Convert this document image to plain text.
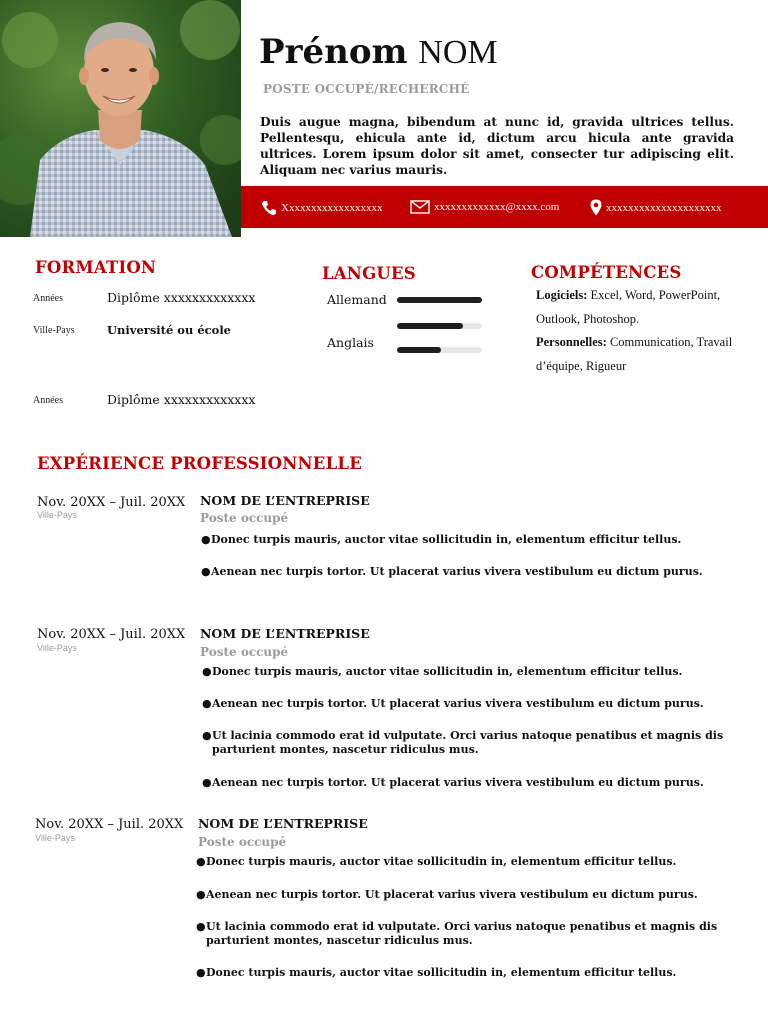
Prénom NOM
POSTE OCCUPÉ/RECHERCHÉ
Duis augue magna, bibendum at nunc id, gravida ultrices tellus. Pellentesqu, ehicula ante id, dictum arcu hicula ante gravida ultrices. Lorem ipsum dolor sit amet, consecter tur adipiscing elit. Aliquam nec varius mauris.
Xxxxxxxxxxxxxxxxxx	xxxxxxxxxxxxx@xxxx.com	xxxxxxxxxxxxxxxxxxxxx
FORMATION
Années	Diplôme xxxxxxxxxxxxx
Ville-Pays	Université ou école
Années	Diplôme xxxxxxxxxxxxx
LANGUES
Allemand
Anglais
COMPÉTENCES
Logiciels: Excel, Word, PowerPoint, Outlook, Photoshop.
Personnelles: Communication, Travail d’équipe, Rigueur
EXPÉRIENCE PROFESSIONNELLE
Nov. 20XX – Juil. 20XX
Ville-Pays
NOM DE L’ENTREPRISE
Poste occupé
● Donec turpis mauris, auctor vitae sollicitudin in, elementum efficitur tellus.
● Aenean nec turpis tortor. Ut placerat varius vivera vestibulum eu dictum purus.
Nov. 20XX – Juil. 20XX
Ville-Pays
NOM DE L’ENTREPRISE
Poste occupé
● Donec turpis mauris, auctor vitae sollicitudin in, elementum efficitur tellus.
● Aenean nec turpis tortor. Ut placerat varius vivera vestibulum eu dictum purus.
● Ut lacinia commodo erat id vulputate. Orci varius natoque penatibus et magnis dis parturient montes, nascetur ridiculus mus.
● Aenean nec turpis tortor. Ut placerat varius vivera vestibulum eu dictum purus.
Nov. 20XX – Juil. 20XX
Ville-Pays
NOM DE L’ENTREPRISE
Poste occupé
● Donec turpis mauris, auctor vitae sollicitudin in, elementum efficitur tellus.
● Aenean nec turpis tortor. Ut placerat varius vivera vestibulum eu dictum purus.
● Ut lacinia commodo erat id vulputate. Orci varius natoque penatibus et magnis dis parturient montes, nascetur ridiculus mus.
● Donec turpis mauris, auctor vitae sollicitudin in, elementum efficitur tellus.
